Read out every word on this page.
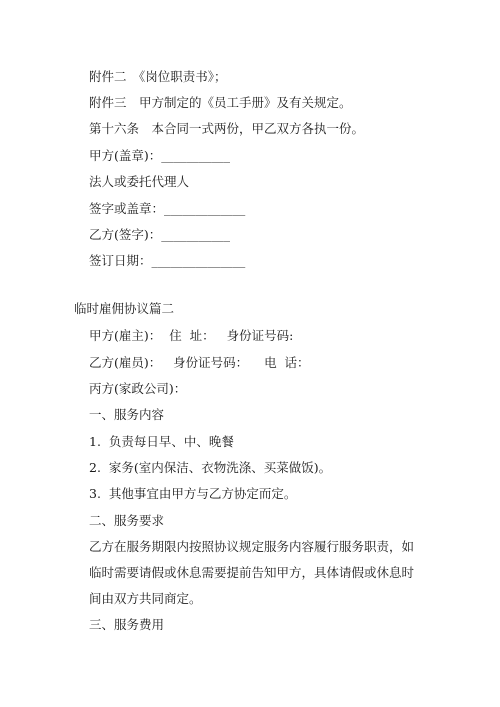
附件二　《岗位职责书》；
附件三　甲方制定的《员工手册》及有关规定。
第十六条　本合同一式两份，甲乙双方各执一份。
甲方(盖章)：___________
法人或委托代理人
签字或盖章：_____________
乙方(签字)：___________
签订日期：_______________
临时雇佣协议篇二
甲方(雇主)：  住  址：   身份证号码:
乙方(雇员)：   身份证号码：    电  话：
丙方(家政公司)：
一、服务内容
1.  负责每日早、中、晚餐
2.  家务(室内保洁、衣物洗涤、买菜做饭)。
3.  其他事宜由甲方与乙方协定而定。
二、服务要求
乙方在服务期限内按照协议规定服务内容履行服务职责，如临时需要请假或休息需要提前告知甲方，具体请假或休息时间由双方共同商定。
三、服务费用
